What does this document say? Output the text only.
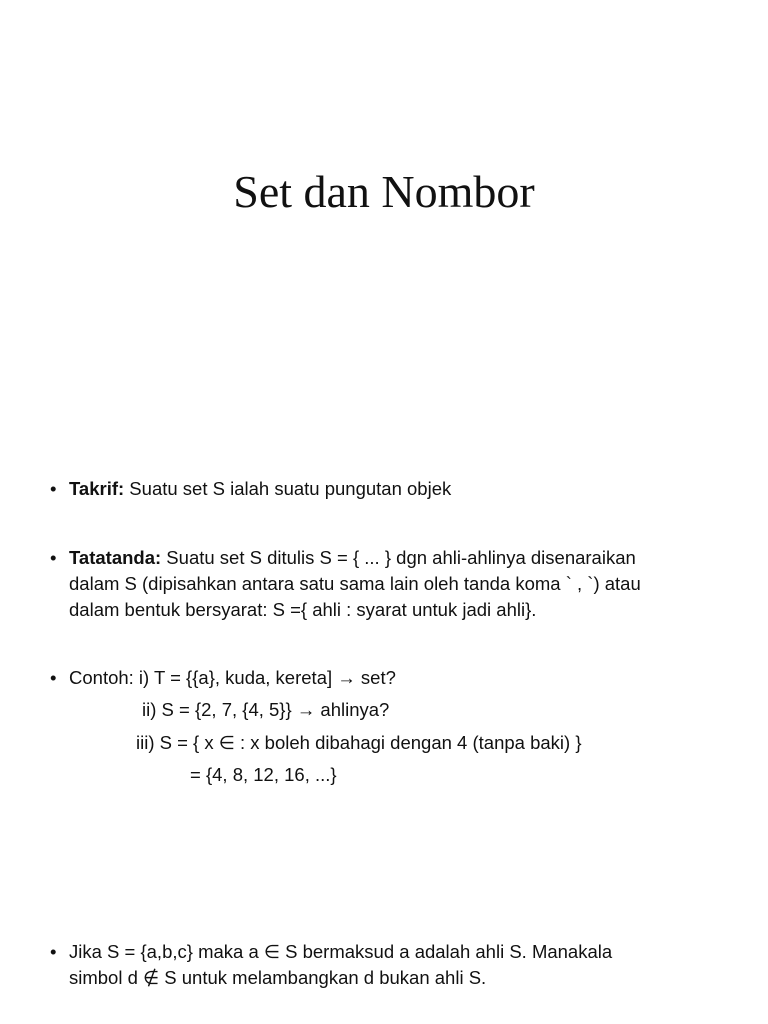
Set dan Nombor
• Takrif: Suatu set S ialah suatu pungutan objek
• Tatatanda: Suatu set S ditulis S = { ... } dgn ahli-ahlinya disenaraikan
dalam S (dipisahkan antara satu sama lain oleh tanda koma ` , `) atau
dalam bentuk bersyarat: S ={ ahli : syarat untuk jadi ahli}.
• Contoh: i) T = {{a}, kuda, kereta] → set?
ii) S = {2, 7, {4, 5}} → ahlinya?
iii) S = { x ∈ : x boleh dibahagi dengan 4 (tanpa baki) }
= {4, 8, 12, 16, ...}
• Jika S = {a,b,c} maka a ∈ S bermaksud a adalah ahli S. Manakala
simbol d ∉ S untuk melambangkan d bukan ahli S.
